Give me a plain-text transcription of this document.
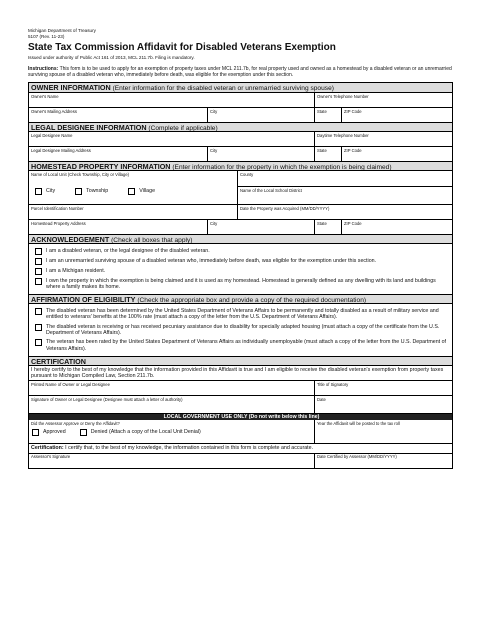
Michigan Department of Treasury
5107 (Rev. 11-23)
State Tax Commission Affidavit for Disabled Veterans Exemption
Issued under authority of Public Act 161 of 2013, MCL 211.7b. Filing is mandatory.
Instructions: This form is to be used to apply for an exemption of property taxes under MCL 211.7b, for real property used and owned as a homestead by a disabled veteran or an unremarried surviving spouse of a disabled veteran who, immediately before death, was eligible for the exemption under this section.
OWNER INFORMATION (Enter information for the disabled veteran or unremarried surviving spouse)
Owner's Name	Owner's Telephone Number
Owner's Mailing Address	City	State	ZIP Code
LEGAL DESIGNEE INFORMATION (Complete if applicable)
Legal Designee Name	Daytime Telephone Number
Legal Designee Mailing Address	City	State	ZIP Code
HOMESTEAD PROPERTY INFORMATION (Enter information for the property in which the exemption is being claimed)
Name of Local Unit (Check Township, City or Village)
City	Township	Village
County
Name of the Local School District
Parcel Identification Number	Date the Property was Acquired (MM/DD/YYYY)
Homestead Property Address	City	State	ZIP Code
ACKNOWLEDGEMENT (Check all boxes that apply)
I am a disabled veteran, or the legal designee of the disabled veteran.
I am an unremarried surviving spouse of a disabled veteran who, immediately before death, was eligible for the exemption under this section.
I am a Michigan resident.
I own the property in which the exemption is being claimed and it is used as my homestead. Homestead is generally defined as any dwelling with its land and buildings where a family makes its home.
AFFIRMATION OF ELIGIBILITY (Check the appropriate box and provide a copy of the required documentation)
The disabled veteran has been determined by the United States Department of Veterans Affairs to be permanently and totally disabled as a result of military service and entitled to veterans' benefits at the 100% rate (must attach a copy of the letter from the U.S. Department of Veterans Affairs).
The disabled veteran is receiving or has received pecuniary assistance due to disability for specially adapted housing (must attach a copy of the certificate from the U.S. Department of Veterans Affairs).
The veteran has been rated by the United States Department of Veterans Affairs as individually unemployable (must attach a copy of the letter from the U.S. Department of Veterans Affairs).
CERTIFICATION
I hereby certify to the best of my knowledge that the information provided in this Affidavit is true and I am eligible to receive the disabled veteran's exemption from property taxes pursuant to Michigan Compiled Law, Section 211.7b.
Printed Name of Owner or Legal Designee	Title of Signatory
Signature of Owner or Legal Designee (Designee must attach a letter of authority)	Date
LOCAL GOVERNMENT USE ONLY (Do not write below this line)
Did the Assessor Approve or Deny the Affidavit?
Approved	Denied (Attach a copy of the Local Unit Denial)
Year the Affidavit will be posted to the tax roll
Certification: I certify that, to the best of my knowledge, the information contained in this form is complete and accurate.
Assessor's Signature	Date Certified by Assessor (MM/DD/YYYY)
